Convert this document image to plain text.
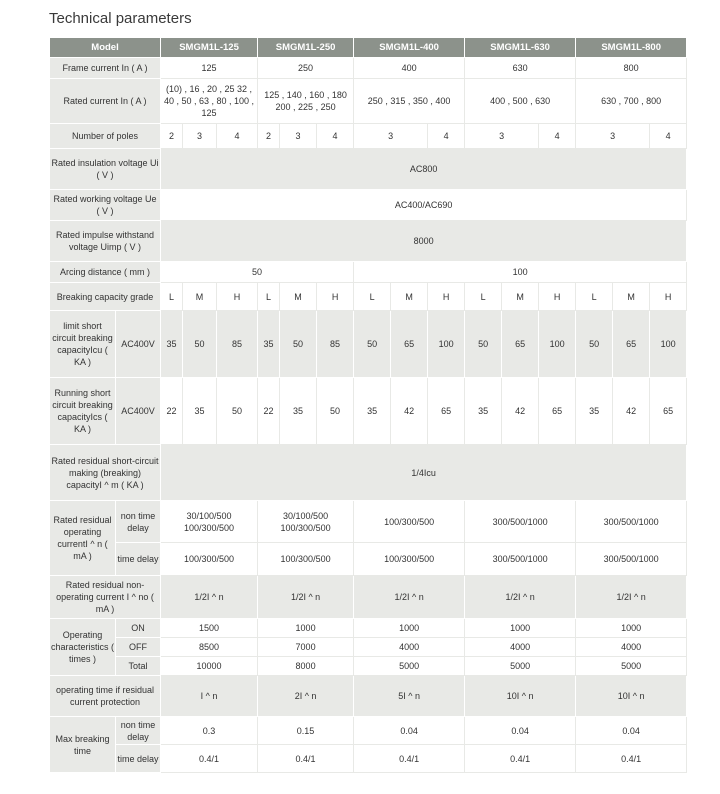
Technical parameters
Model		SMGM1L-125			SMGM1L-250			SMGM1L-400			SMGM1L-630			SMGM1L-800		
Frame current In ( A )		125			250			400			630			800		
Rated current In ( A )		(10) , 16 , 20 , 25 32 , 40 , 50 , 63 , 80 , 100 , 125			125 , 140 , 160 , 180 200 , 225 , 250			250 , 315 , 350 , 400			400 , 500 , 630			630 , 700 , 800		
Number of poles		2	3	4	2	3	4	3		4	3		4	3		4
Rated insulation voltage Ui ( V )		AC800														
Rated working voltage Ue ( V )		AC400/AC690														
Rated impulse withstand voltage Uimp ( V )		8000														
Arcing distance ( mm )		50						100								
Breaking capacity grade		L	M	H	L	M	H	L	M	H	L	M	H	L	M	H
limit short circuit breaking capacityIcu ( KA )	AC400V	35	50	85	35	50	85	50	65	100	50	65	100	50	65	100
Running short circuit breaking capacityIcs ( KA )	AC400V	22	35	50	22	35	50	35	42	65	35	42	65	35	42	65
Rated residual short-circuit making (breaking) capacityI ^ m ( KA )		1/4Icu														
Rated residual operating currentI ^ n ( mA )	non time delay	30/100/500 100/300/500			30/100/500 100/300/500			100/300/500			300/500/1000			300/500/1000		
	time delay	100/300/500			100/300/500			100/300/500			300/500/1000			300/500/1000		
Rated residual non-operating current I ^ no ( mA )		1/2I ^ n			1/2I ^ n			1/2I ^ n			1/2I ^ n			1/2I ^ n		
Operating characteristics ( times )	ON	1500			1000			1000			1000			1000		
	OFF	8500			7000			4000			4000			4000		
	Total	10000			8000			5000			5000			5000		
operating time if residual current protection		I ^ n			2I ^ n			5I ^ n			10I ^ n			10I ^ n		
Max breaking time	non time delay	0.3			0.15			0.04			0.04			0.04		
	time delay	0.4/1			0.4/1			0.4/1			0.4/1			0.4/1		
